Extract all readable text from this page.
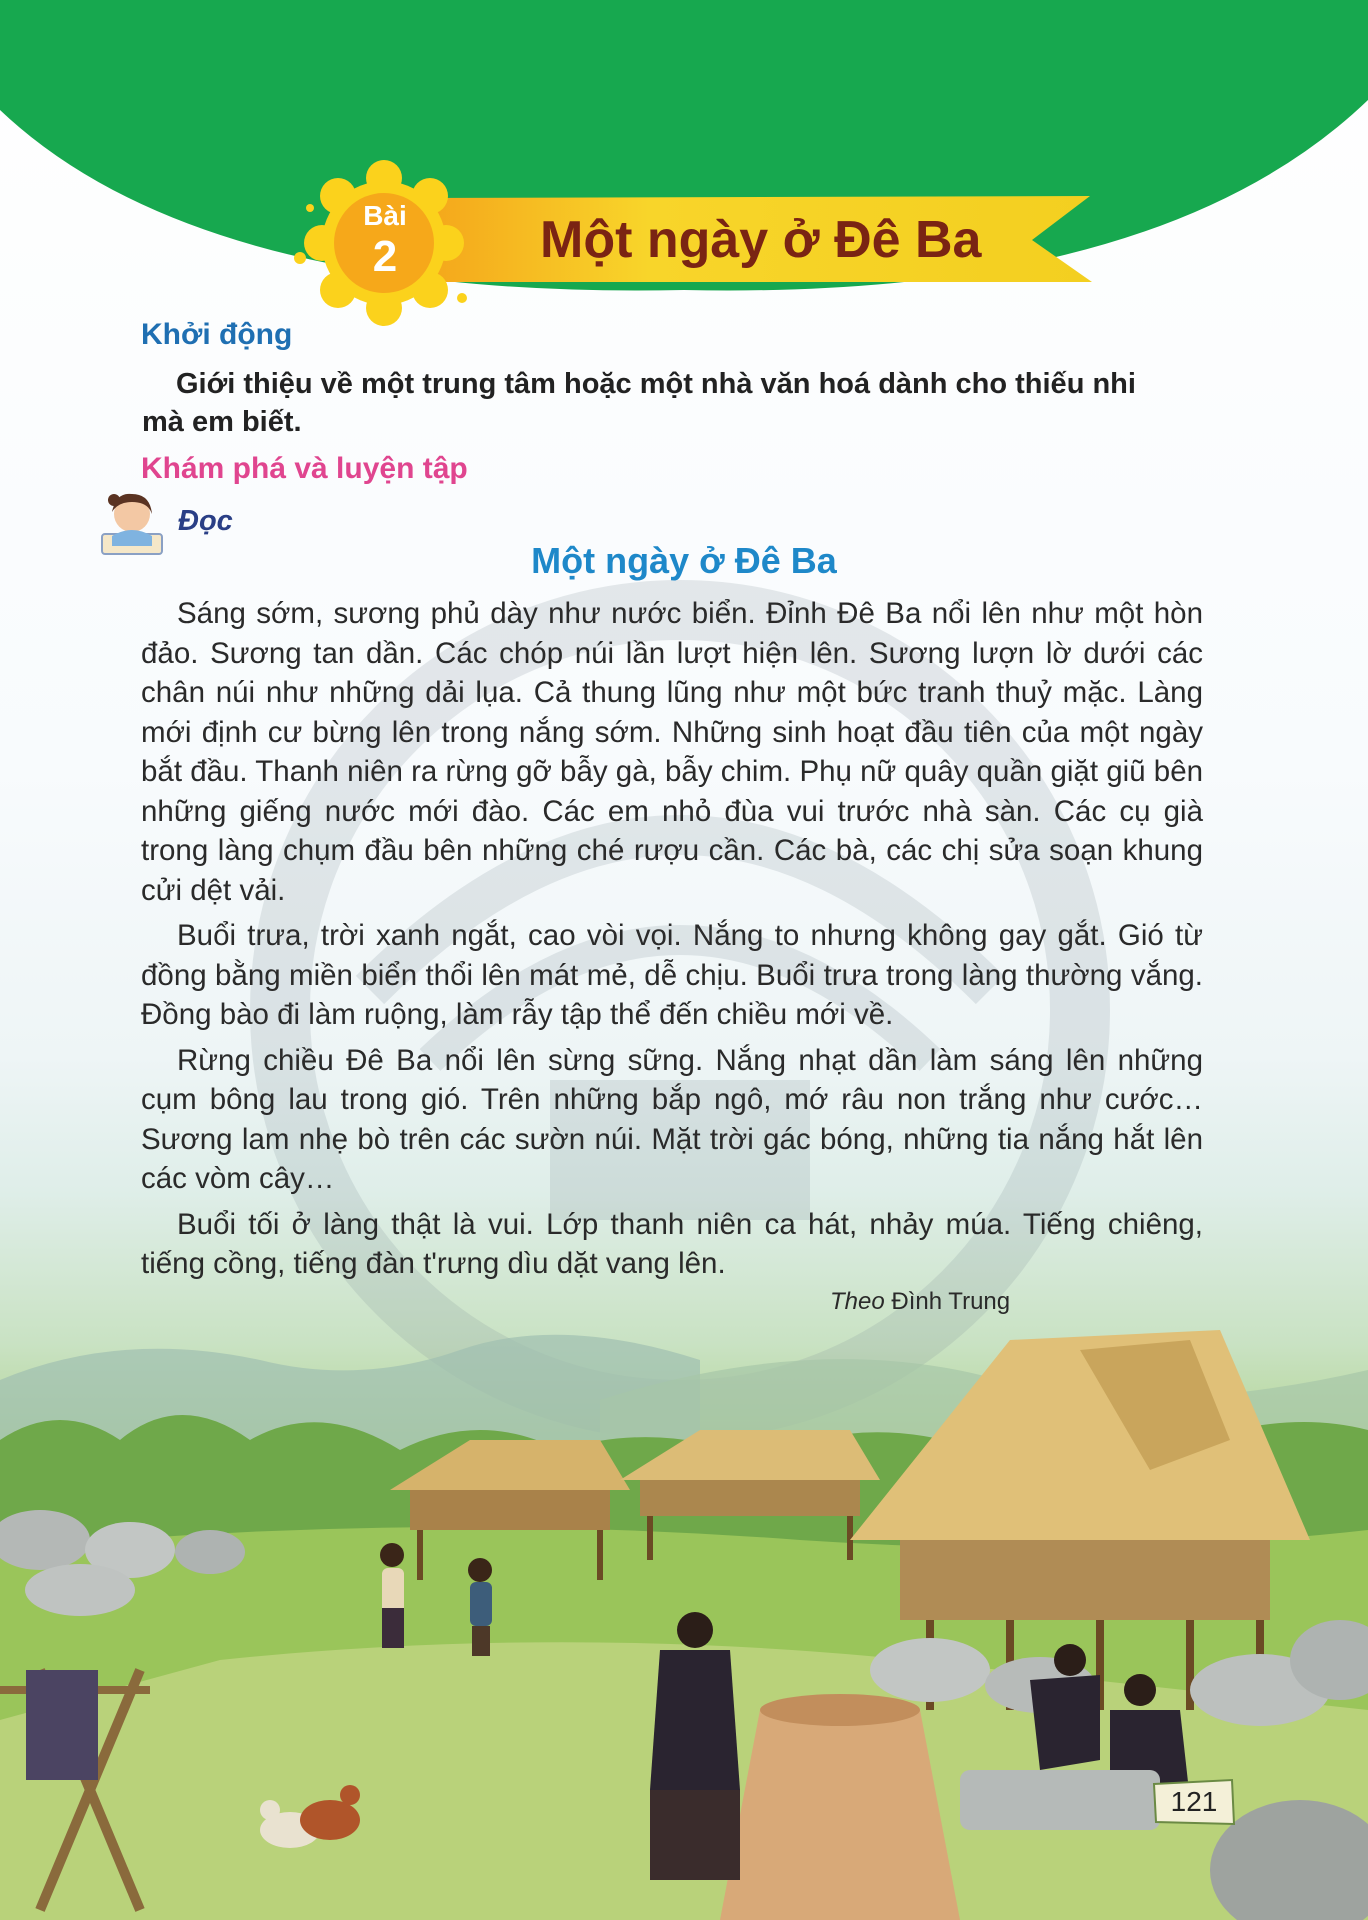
Bài
2	Một ngày ở Đê Ba
Khởi động
Giới thiệu về một trung tâm hoặc một nhà văn hoá dành cho thiếu nhi mà em biết.
Khám phá và luyện tập
Đọc
Một ngày ở Đê Ba

Sáng sớm, sương phủ dày như nước biển. Đỉnh Đê Ba nổi lên như một hòn đảo. Sương tan dần. Các chóp núi lần lượt hiện lên. Sương lượn lờ dưới các chân núi như những dải lụa. Cả thung lũng như một bức tranh thuỷ mặc. Làng mới định cư bừng lên trong nắng sớm. Những sinh hoạt đầu tiên của một ngày bắt đầu. Thanh niên ra rừng gỡ bẫy gà, bẫy chim. Phụ nữ quây quần giặt giũ bên những giếng nước mới đào. Các em nhỏ đùa vui trước nhà sàn. Các cụ già trong làng chụm đầu bên những ché rượu cần. Các bà, các chị sửa soạn khung cửi dệt vải.

Buổi trưa, trời xanh ngắt, cao vòi vọi. Nắng to nhưng không gay gắt. Gió từ đồng bằng miền biển thổi lên mát mẻ, dễ chịu. Buổi trưa trong làng thường vắng. Đồng bào đi làm ruộng, làm rẫy tập thể đến chiều mới về.

Rừng chiều Đê Ba nổi lên sừng sững. Nắng nhạt dần làm sáng lên những cụm bông lau trong gió. Trên những bắp ngô, mớ râu non trắng như cước… Sương lam nhẹ bò trên các sườn núi. Mặt trời gác bóng, những tia nắng hắt lên các vòm cây…

Buổi tối ở làng thật là vui. Lớp thanh niên ca hát, nhảy múa. Tiếng chiêng, tiếng cồng, tiếng đàn t'rưng dìu dặt vang lên.

Theo Đình Trung
121
